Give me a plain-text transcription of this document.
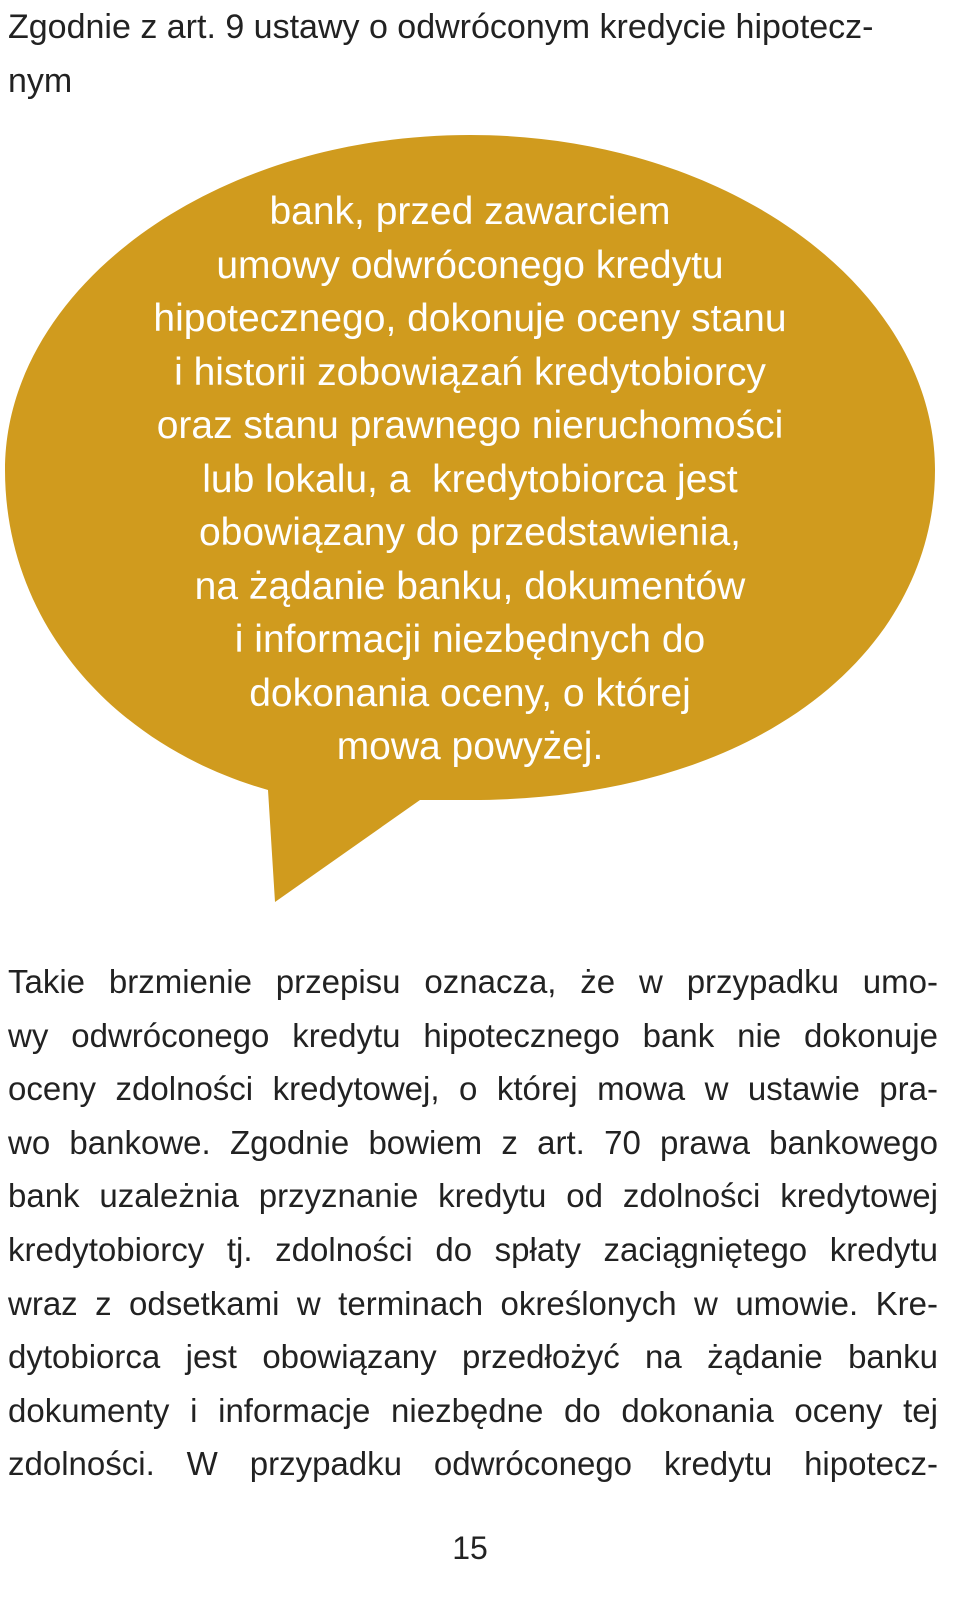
bank, przed zawarciem
umowy odwróconego kredytu
hipotecznego, dokonuje oceny stanu
i historii zobowiązań kredytobiorcy
oraz stanu prawnego nieruchomości
lub lokalu, a  kredytobiorca jest
obowiązany do przedstawienia,
na żądanie banku, dokumentów
i informacji niezbędnych do
dokonania oceny, o której
mowa powyżej.

Zgodnie z art. 9 ustawy o odwróconym kredycie hipotecz-
nym

Takie brzmienie przepisu oznacza, że w przypadku umo-
wy odwróconego kredytu hipotecznego bank nie dokonuje
oceny zdolności kredytowej, o której mowa w ustawie pra-
wo bankowe. Zgodnie bowiem z art. 70 prawa bankowego
bank uzależnia przyznanie kredytu od zdolności kredytowej
kredytobiorcy tj. zdolności do spłaty zaciągniętego kredytu
wraz z odsetkami w terminach określonych w umowie. Kre-
dytobiorca jest obowiązany przedłożyć na żądanie banku
dokumenty i informacje niezbędne do dokonania oceny tej
zdolności. W przypadku odwróconego kredytu hipotecz-

15
